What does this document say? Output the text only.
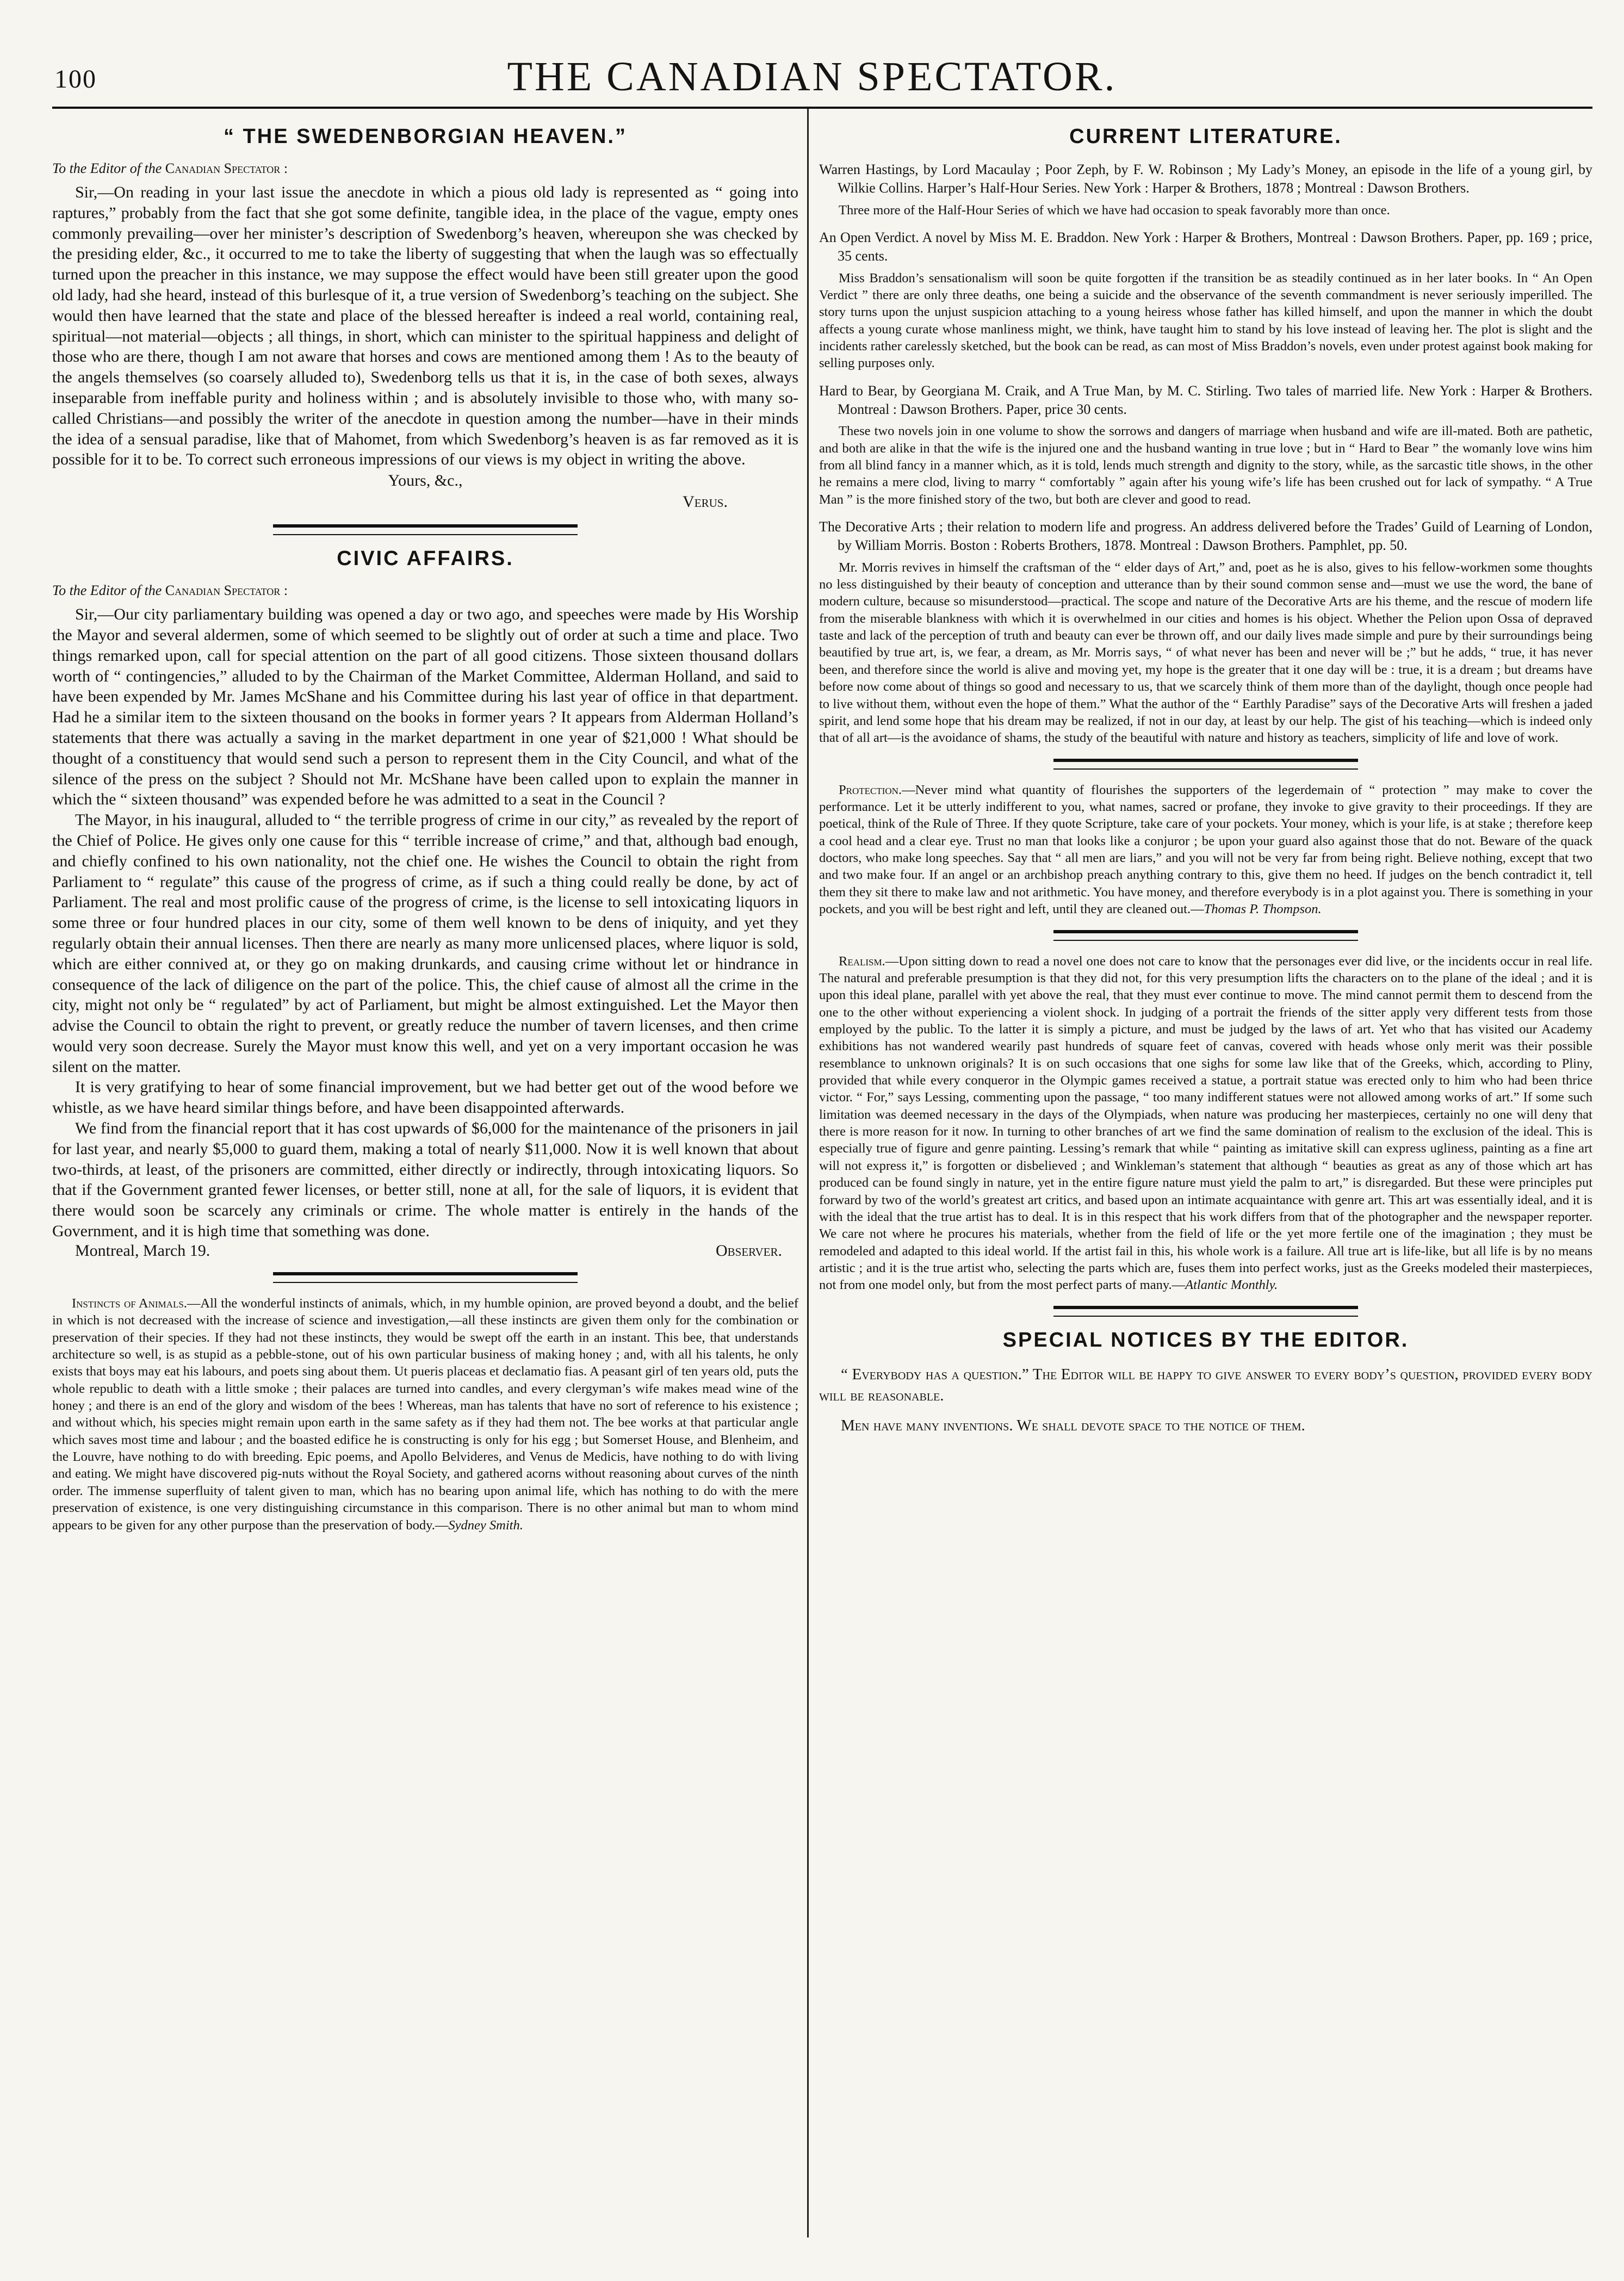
100	THE CANADIAN SPECTATOR.
“ THE SWEDENBORGIAN HEAVEN.”
To the Editor of the Canadian Spectator :

Sir,—On reading in your last issue the anecdote in which a pious old lady is represented as “ going into raptures,” probably from the fact that she got some definite, tangible idea, in the place of the vague, empty ones commonly prevailing—over her minister’s description of Swedenborg’s heaven, whereupon she was checked by the presiding elder, &c., it occurred to me to take the liberty of suggesting that when the laugh was so effectually turned upon the preacher in this instance, we may suppose the effect would have been still greater upon the good old lady, had she heard, instead of this burlesque of it, a true version of Swedenborg’s teaching on the subject. She would then have learned that the state and place of the blessed hereafter is indeed a real world, containing real, spiritual—not material—objects ; all things, in short, which can minister to the spiritual happiness and delight of those who are there, though I am not aware that horses and cows are mentioned among them ! As to the beauty of the angels themselves (so coarsely alluded to), Swedenborg tells us that it is, in the case of both sexes, always inseparable from ineffable purity and holiness within ; and is absolutely invisible to those who, with many so-called Christians—and possibly the writer of the anecdote in question among the number—have in their minds the idea of a sensual paradise, like that of Mahomet, from which Swedenborg’s heaven is as far removed as it is possible for it to be. To correct such erroneous impressions of our views is my object in writing the above.

Yours, &c.,
Verus.
CIVIC AFFAIRS.
To the Editor of the Canadian Spectator :

Sir,—Our city parliamentary building was opened a day or two ago, and speeches were made by His Worship the Mayor and several aldermen, some of which seemed to be slightly out of order at such a time and place. Two things remarked upon, call for special attention on the part of all good citizens. Those sixteen thousand dollars worth of “ contingencies,” alluded to by the Chairman of the Market Committee, Alderman Holland, and said to have been expended by Mr. James McShane and his Committee during his last year of office in that department. Had he a similar item to the sixteen thousand on the books in former years ? It appears from Alderman Holland’s statements that there was actually a saving in the market department in one year of $21,000 ! What should be thought of a constituency that would send such a person to represent them in the City Council, and what of the silence of the press on the subject ? Should not Mr. McShane have been called upon to explain the manner in which the “ sixteen thousand” was expended before he was admitted to a seat in the Council ?

The Mayor, in his inaugural, alluded to “ the terrible progress of crime in our city,” as revealed by the report of the Chief of Police. He gives only one cause for this “ terrible increase of crime,” and that, although bad enough, and chiefly confined to his own nationality, not the chief one. He wishes the Council to obtain the right from Parliament to “ regulate” this cause of the progress of crime, as if such a thing could really be done, by act of Parliament. The real and most prolific cause of the progress of crime, is the license to sell intoxicating liquors in some three or four hundred places in our city, some of them well known to be dens of iniquity, and yet they regularly obtain their annual licenses. Then there are nearly as many more unlicensed places, where liquor is sold, which are either connived at, or they go on making drunkards, and causing crime without let or hindrance in consequence of the lack of diligence on the part of the police. This, the chief cause of almost all the crime in the city, might not only be “ regulated” by act of Parliament, but might be almost extinguished. Let the Mayor then advise the Council to obtain the right to prevent, or greatly reduce the number of tavern licenses, and then crime would very soon decrease. Surely the Mayor must know this well, and yet on a very important occasion he was silent on the matter.

It is very gratifying to hear of some financial improvement, but we had better get out of the wood before we whistle, as we have heard similar things before, and have been disappointed afterwards.

We find from the financial report that it has cost upwards of $6,000 for the maintenance of the prisoners in jail for last year, and nearly $5,000 to guard them, making a total of nearly $11,000. Now it is well known that about two-thirds, at least, of the prisoners are committed, either directly or indirectly, through intoxicating liquors. So that if the Government granted fewer licenses, or better still, none at all, for the sale of liquors, it is evident that there would soon be scarcely any criminals or crime. The whole matter is entirely in the hands of the Government, and it is high time that something was done.

Montreal, March 19.	Observer.

Instincts of Animals.—All the wonderful instincts of animals, which, in my humble opinion, are proved beyond a doubt, and the belief in which is not decreased with the increase of science and investigation,—all these instincts are given them only for the combination or preservation of their species. If they had not these instincts, they would be swept off the earth in an instant. This bee, that understands architecture so well, is as stupid as a pebble-stone, out of his own particular business of making honey ; and, with all his talents, he only exists that boys may eat his labours, and poets sing about them. Ut pueris placeas et declamatio fias. A peasant girl of ten years old, puts the whole republic to death with a little smoke ; their palaces are turned into candles, and every clergyman’s wife makes mead wine of the honey ; and there is an end of the glory and wisdom of the bees ! Whereas, man has talents that have no sort of reference to his existence ; and without which, his species might remain upon earth in the same safety as if they had them not. The bee works at that particular angle which saves most time and labour ; and the boasted edifice he is constructing is only for his egg ; but Somerset House, and Blenheim, and the Louvre, have nothing to do with breeding. Epic poems, and Apollo Belvideres, and Venus de Medicis, have nothing to do with living and eating. We might have discovered pig-nuts without the Royal Society, and gathered acorns without reasoning about curves of the ninth order. The immense superfluity of talent given to man, which has no bearing upon animal life, which has nothing to do with the mere preservation of existence, is one very distinguishing circumstance in this comparison. There is no other animal but man to whom mind appears to be given for any other purpose than the preservation of body.—Sydney Smith.

CURRENT LITERATURE.
Warren Hastings, by Lord Macaulay ; Poor Zeph, by F. W. Robinson ; My Lady’s Money, an episode in the life of a young girl, by Wilkie Collins. Harper’s Half-Hour Series. New York : Harper & Brothers, 1878 ; Montreal : Dawson Brothers.

Three more of the Half-Hour Series of which we have had occasion to speak favorably more than once.

An Open Verdict. A novel by Miss M. E. Braddon. New York : Harper & Brothers, Montreal : Dawson Brothers. Paper, pp. 169 ; price, 35 cents.

Miss Braddon’s sensationalism will soon be quite forgotten if the transition be as steadily continued as in her later books. In “ An Open Verdict ” there are only three deaths, one being a suicide and the observance of the seventh commandment is never seriously imperilled. The story turns upon the unjust suspicion attaching to a young heiress whose father has killed himself, and upon the manner in which the doubt affects a young curate whose manliness might, we think, have taught him to stand by his love instead of leaving her. The plot is slight and the incidents rather carelessly sketched, but the book can be read, as can most of Miss Braddon’s novels, even under protest against book making for selling purposes only.

Hard to Bear, by Georgiana M. Craik, and A True Man, by M. C. Stirling. Two tales of married life. New York : Harper & Brothers. Montreal : Dawson Brothers. Paper, price 30 cents.

These two novels join in one volume to show the sorrows and dangers of marriage when husband and wife are ill-mated. Both are pathetic, and both are alike in that the wife is the injured one and the husband wanting in true love ; but in “ Hard to Bear ” the womanly love wins him from all blind fancy in a manner which, as it is told, lends much strength and dignity to the story, while, as the sarcastic title shows, in the other he remains a mere clod, living to marry “ comfortably ” again after his young wife’s life has been crushed out for lack of sympathy. “ A True Man ” is the more finished story of the two, but both are clever and good to read.

The Decorative Arts ; their relation to modern life and progress. An address delivered before the Trades’ Guild of Learning of London, by William Morris. Boston : Roberts Brothers, 1878. Montreal : Dawson Brothers. Pamphlet, pp. 50.

Mr. Morris revives in himself the craftsman of the “ elder days of Art,” and, poet as he is also, gives to his fellow-workmen some thoughts no less distinguished by their beauty of conception and utterance than by their sound common sense and—must we use the word, the bane of modern culture, because so misunderstood—practical. The scope and nature of the Decorative Arts are his theme, and the rescue of modern life from the miserable blankness with which it is overwhelmed in our cities and homes is his object. Whether the Pelion upon Ossa of depraved taste and lack of the perception of truth and beauty can ever be thrown off, and our daily lives made simple and pure by their surroundings being beautified by true art, is, we fear, a dream, as Mr. Morris says, “ of what never has been and never will be ;” but he adds, “ true, it has never been, and therefore since the world is alive and moving yet, my hope is the greater that it one day will be : true, it is a dream ; but dreams have before now come about of things so good and necessary to us, that we scarcely think of them more than of the daylight, though once people had to live without them, without even the hope of them.” What the author of the “ Earthly Paradise” says of the Decorative Arts will freshen a jaded spirit, and lend some hope that his dream may be realized, if not in our day, at least by our help. The gist of his teaching—which is indeed only that of all art—is the avoidance of shams, the study of the beautiful with nature and history as teachers, simplicity of life and love of work.

Protection.—Never mind what quantity of flourishes the supporters of the legerdemain of “ protection ” may make to cover the performance. Let it be utterly indifferent to you, what names, sacred or profane, they invoke to give gravity to their proceedings. If they are poetical, think of the Rule of Three. If they quote Scripture, take care of your pockets. Your money, which is your life, is at stake ; therefore keep a cool head and a clear eye. Trust no man that looks like a conjuror ; be upon your guard also against those that do not. Beware of the quack doctors, who make long speeches. Say that “ all men are liars,” and you will not be very far from being right. Believe nothing, except that two and two make four. If an angel or an archbishop preach anything contrary to this, give them no heed. If judges on the bench contradict it, tell them they sit there to make law and not arithmetic. You have money, and therefore everybody is in a plot against you. There is something in your pockets, and you will be best right and left, until they are cleaned out.—Thomas P. Thompson.

Realism.—Upon sitting down to read a novel one does not care to know that the personages ever did live, or the incidents occur in real life. The natural and preferable presumption is that they did not, for this very presumption lifts the characters on to the plane of the ideal ; and it is upon this ideal plane, parallel with yet above the real, that they must ever continue to move. The mind cannot permit them to descend from the one to the other without experiencing a violent shock. In judging of a portrait the friends of the sitter apply very different tests from those employed by the public. To the latter it is simply a picture, and must be judged by the laws of art. Yet who that has visited our Academy exhibitions has not wandered wearily past hundreds of square feet of canvas, covered with heads whose only merit was their possible resemblance to unknown originals? It is on such occasions that one sighs for some law like that of the Greeks, which, according to Pliny, provided that while every conqueror in the Olympic games received a statue, a portrait statue was erected only to him who had been thrice victor. “ For,” says Lessing, commenting upon the passage, “ too many indifferent statues were not allowed among works of art.” If some such limitation was deemed necessary in the days of the Olympiads, when nature was producing her masterpieces, certainly no one will deny that there is more reason for it now. In turning to other branches of art we find the same domination of realism to the exclusion of the ideal. This is especially true of figure and genre painting. Lessing’s remark that while “ painting as imitative skill can express ugliness, painting as a fine art will not express it,” is forgotten or disbelieved ; and Winkleman’s statement that although “ beauties as great as any of those which art has produced can be found singly in nature, yet in the entire figure nature must yield the palm to art,” is disregarded. But these were principles put forward by two of the world’s greatest art critics, and based upon an intimate acquaintance with genre art. This art was essentially ideal, and it is with the ideal that the true artist has to deal. It is in this respect that his work differs from that of the photographer and the newspaper reporter. We care not where he procures his materials, whether from the field of life or the yet more fertile one of the imagination ; they must be remodeled and adapted to this ideal world. If the artist fail in this, his whole work is a failure. All true art is life-like, but all life is by no means artistic ; and it is the true artist who, selecting the parts which are, fuses them into perfect works, just as the Greeks modeled their masterpieces, not from one model only, but from the most perfect parts of many.—Atlantic Monthly.

SPECIAL NOTICES BY THE EDITOR.

“ Everybody has a question.” The Editor will be happy to give answer to every body’s question, provided every body will be reasonable.

Men have many inventions. We shall devote space to the notice of them.
